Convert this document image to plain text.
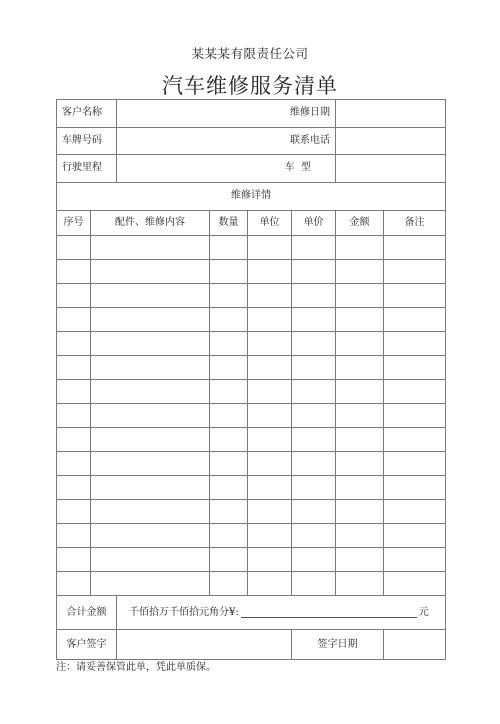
某某某有限责任公司
汽车维修服务清单
客户名称		维修日期					
车牌号码		联系电话					
行驶里程		车  型					
维修详情							
序号	配件、维修内容		数量	单位	单价	金额	备注

合计金额		千佰拾万千佰拾元角分¥: 元					
客户签字					签字日期		
注：请妥善保管此单，凭此单质保。
